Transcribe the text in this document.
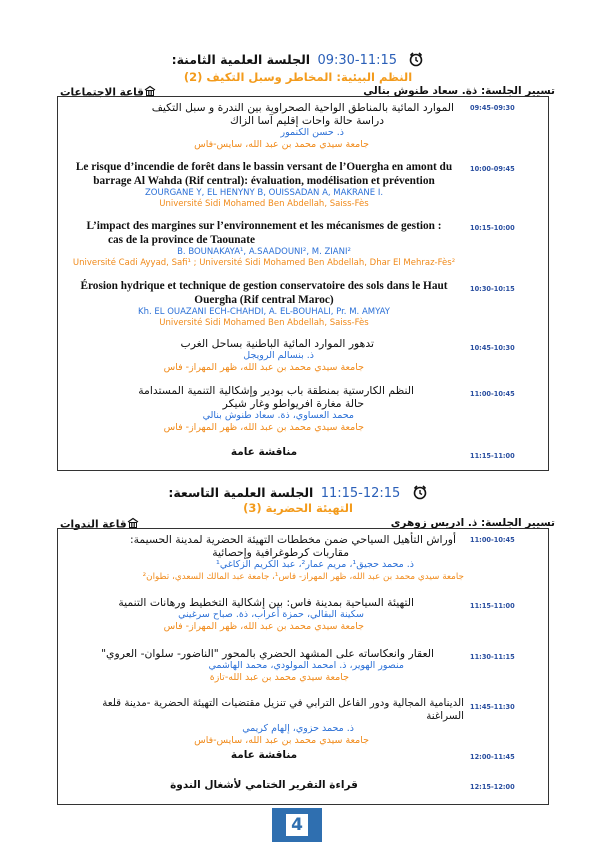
09:30-11:15 الجلسة العلمية الثامنة:
النظم البيئية: المخاطر وسبل التكيف (2)
تسيير الجلسة: ذة. سعاد طنوش بنالي
قاعة الاجتماعات
09:45-09:30
الموارد المائية بالمناطق الواحية الصحراوية بين الندرة و سبل التكيف
دراسة حالة واحات إقليم آسا الزاك
ذ. حسن الكنمور
جامعة سيدي محمد بن عبد الله، سايس-فاس
10:00-09:45
Le risque d’incendie de forêt dans le bassin versant de l’Ouergha en amont du
barrage Al Wahda (Rif central): évaluation, modélisation et prévention
ZOURGANE Y, EL HENYNY B, OUISSADAN A, MAKRANE I.
Université Sidi Mohamed Ben Abdellah, Saiss-Fès
10:15-10:00
L’impact des margines sur l’environnement et les mécanismes de gestion :
cas de la province de Taounate
B. BOUNAKAYA¹, A.SAADOUNI², M. ZIANI²
Université Cadi Ayyad, Safi¹ ; Université Sidi Mohamed Ben Abdellah, Dhar El Mehraz-Fès²
10:30-10:15
Érosion hydrique et technique de gestion conservatoire des sols dans le Haut
Ouergha (Rif central Maroc)
Kh. EL OUAZANI ECH-CHAHDI, A. EL-BOUHALI, Pr. M. AMYAY
Université Sidi Mohamed Ben Abdellah, Saiss-Fès
10:45-10:30
تدهور الموارد المائية الباطنية بساحل الغرب
ذ. بنسالم الرويجل
جامعة سيدي محمد بن عبد الله، ظهر المهراز- فاس
11:00-10:45
النظم الكارستية بمنطقة باب بودير وإشكالية التنمية المستدامة
حالة مغارة افريواطو وغار شيكر
محمد العساوي، ذة. سعاد طنوش بنالي
جامعة سيدي محمد بن عبد الله، ظهر المهراز- فاس
11:15-11:00
مناقشة عامة
11:15-12:15 الجلسة العلمية التاسعة:
التهيئة الحضرية (3)
تسيير الجلسة: ذ. ادريس زوهري
قاعة الندوات
11:00-10:45
أوراش التأهيل السياحي ضمن مخططات التهيئة الحضرية لمدينة الحسيمة:
مقاربات كرطوغرافية وإحصائية
ذ. محمد حجيق¹، مريم عمار²، عبد الكريم الزكاغي¹
جامعة سيدي محمد بن عبد الله، ظهر المهراز- فاس¹، جامعة عبد المالك السعدي، تطوان²
11:15-11:00
التهيئة السياحية بمدينة فاس: بين إشكالية التخطيط ورهانات التنمية
سكينة البقالي، حمزة أعراب، ذة. صباح سرغيني
جامعة سيدي محمد بن عبد الله، ظهر المهراز- فاس
11:30-11:15
العقار وانعكاساته على المشهد الحضري بالمحور "الناضور- سلوان- العروي"
منصور الهوير، ذ. امحمد المولودي، محمد الهاشمي
جامعة سيدي محمد بن عبد الله-تازة
11:45-11:30
الدينامية المجالية ودور الفاعل الترابي في تنزيل مقتضيات التهيئة الحضرية -مدينة قلعة السراغنة
ذ. محمد حزوي، إلهام كريمي
جامعة سيدي محمد بن عبد الله، سايس-فاس
12:00-11:45
مناقشة عامة
12:15-12:00
قراءة التقرير الختامي لأشغال الندوة
4
